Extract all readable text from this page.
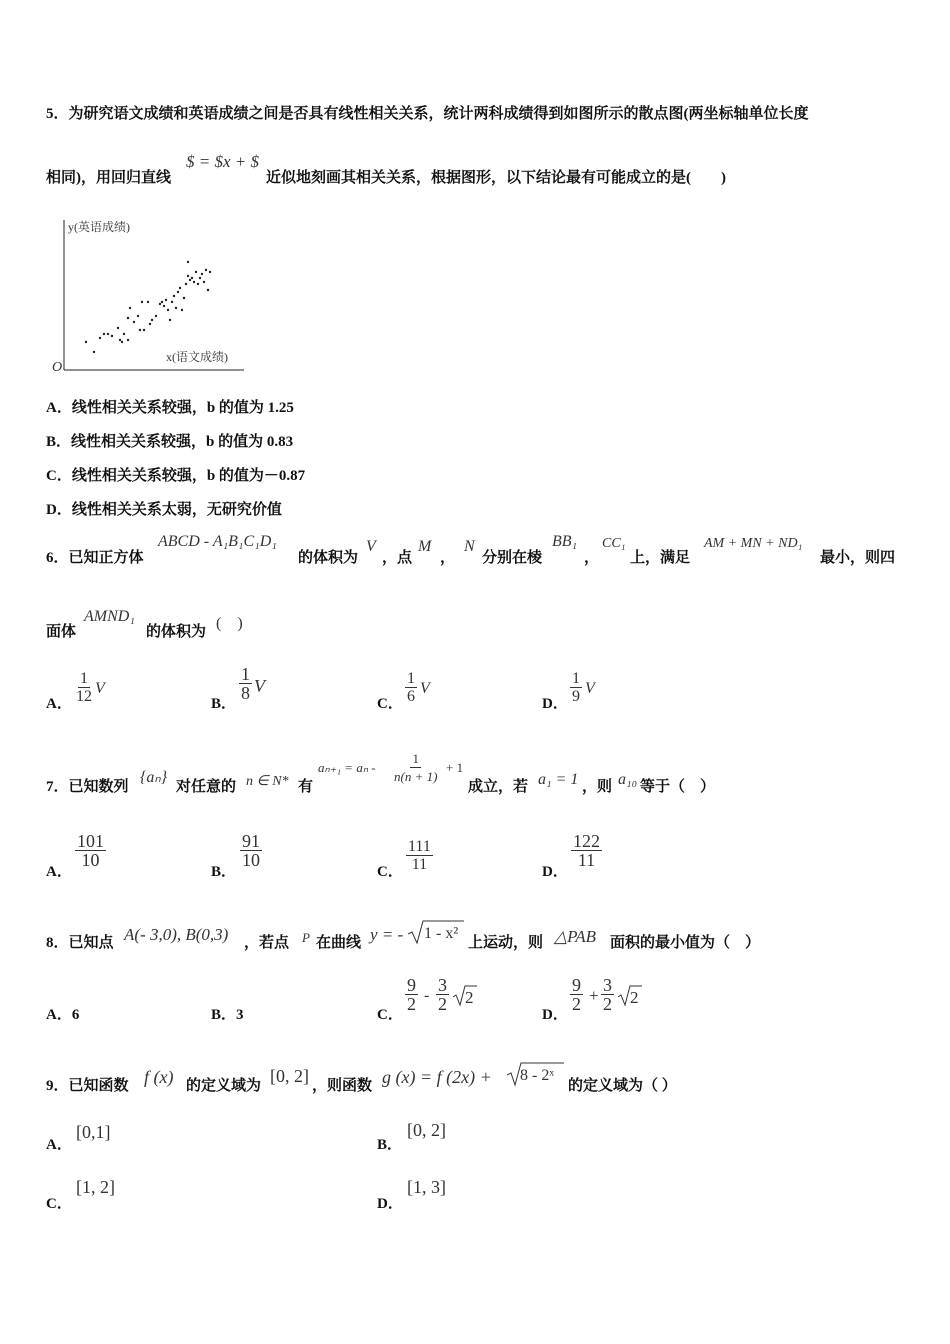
5．为研究语文成绩和英语成绩之间是否具有线性相关关系，统计两科成绩得到如图所示的散点图(两坐标轴单位长度
相同)，用回归直线
$ = $x + $
近似地刻画其相关关系，根据图形，以下结论最有可能成立的是(　　)
y(英语成绩)
x(语文成绩)
O
A．线性相关关系较强，b 的值为 1.25
B．线性相关关系较强，b 的值为 0.83
C．线性相关关系较强，b 的值为－0.87
D．线性相关关系太弱，无研究价值
6．已知正方体
ABCD - A₁B₁C₁D₁
的体积为
V
，点
M
，
N
分别在棱
BB₁
，
CC₁
上，满足
AM + MN + ND₁
最小，则四
面体
AMND₁
的体积为 (　)
A． $\frac{1}{12}$ V
B．
$\frac{1}{8}$ V
C． $\frac{1}{6}$ V
D． $\frac{1}{9}$ V
7．已知数列
{aₙ}
对任意的 n ∈ N* 有
$a_{n+1} = a_n - \frac{1}{n(n + 1)} + 1$
成立，若 a₁ = 1 ，则 a₁₀ 等于（　）
A．
$\frac{101}{10}$
B．
$\frac{91}{10}$
C． $\frac{111}{11}$	D．
$\frac{122}{11}$
8．已知点 A(- 3,0), B(0,3) ，若点 P 在曲线 y = - 1 - x²
上运动，则 △PAB 面积的最小值为（　）
A．6	B．3	C．
$\frac{9}{2} - \frac{3}{2} 2$
D．
$\frac{9}{2} + \frac{3}{2} 2$
9．已知函数 f (x) 的定义域为 [0, 2] ，则函数 g (x) = f (2x) + 8 - 2ˣ
的定义域为（ ）
A．
[0,1]
B．
[0, 2]
C．
[1, 2]
D．
[1, 3]
